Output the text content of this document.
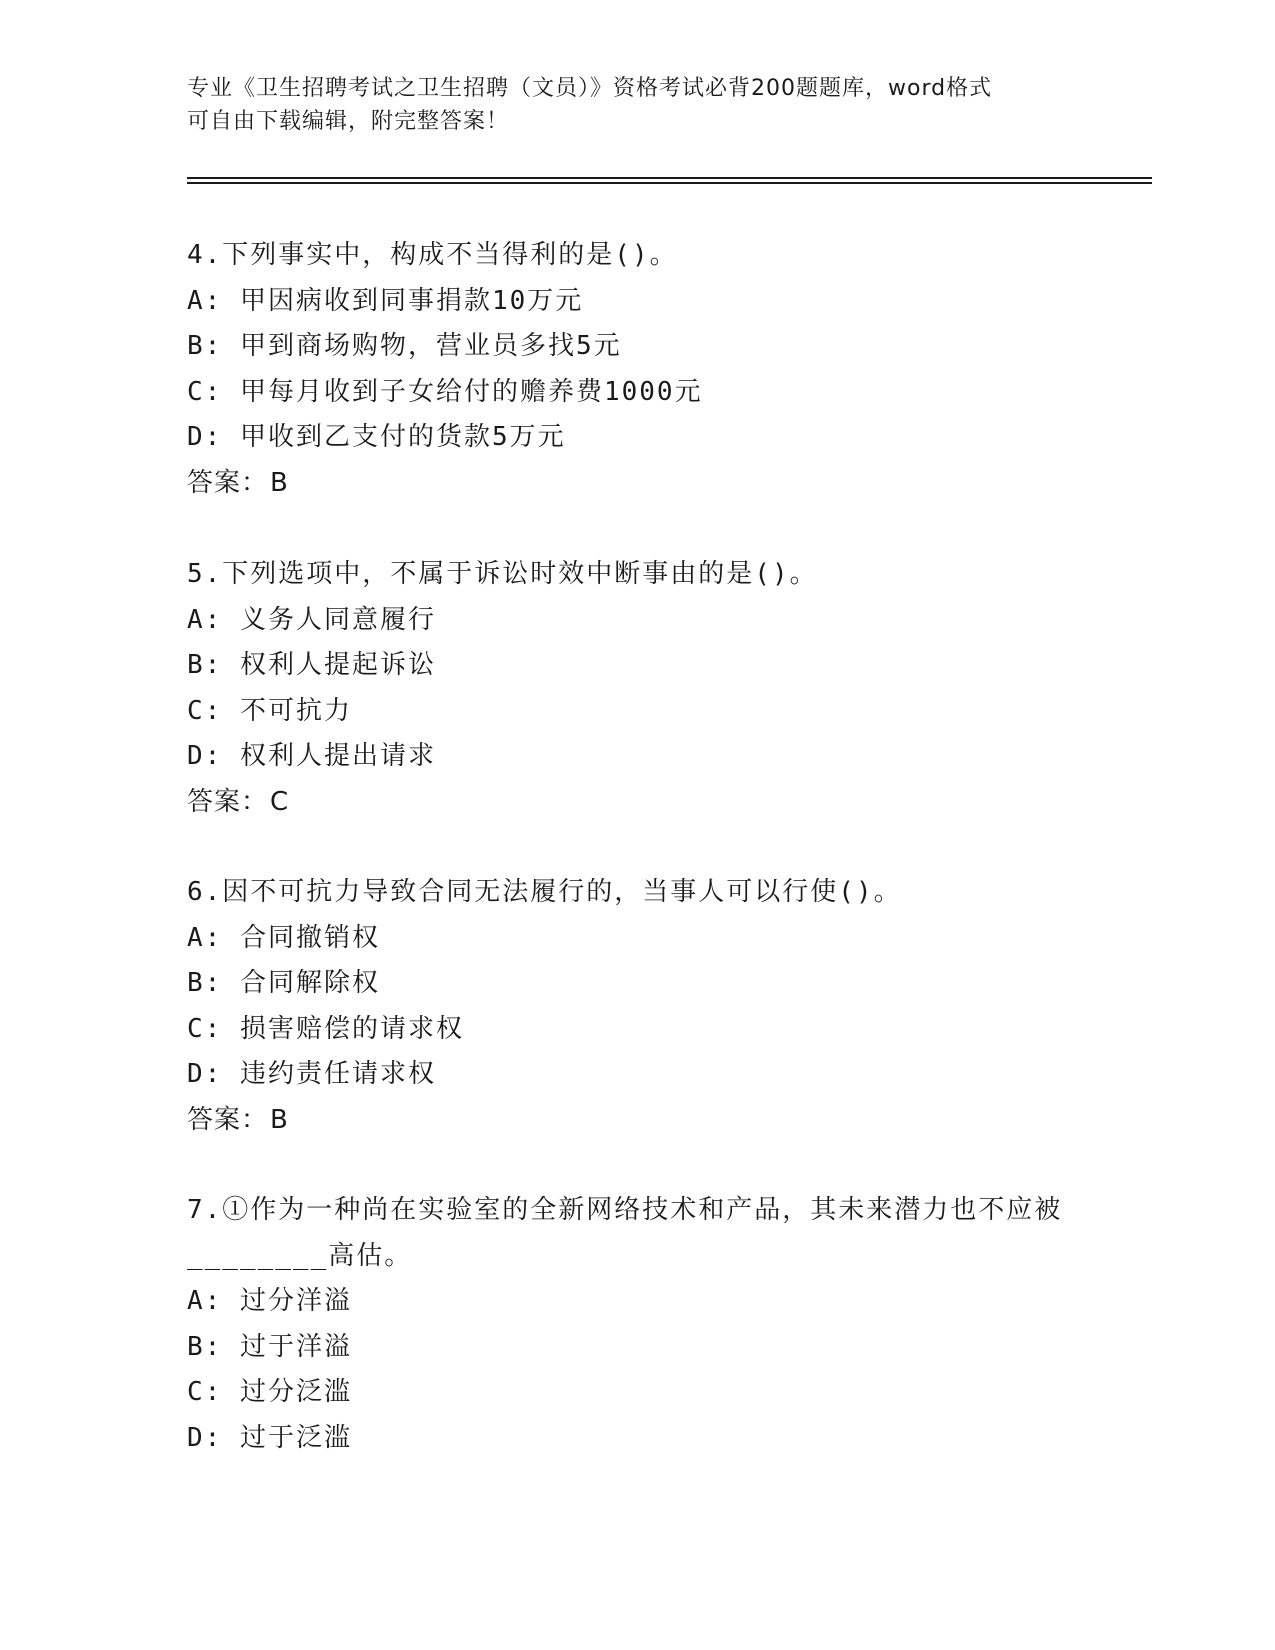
专业《卫生招聘考试之卫生招聘（文员）》资格考试必背200题题库，word格式

可自由下载编辑，附完整答案！

4.下列事实中，构成不当得利的是()。
A: 甲因病收到同事捐款10万元
B: 甲到商场购物，营业员多找5元
C: 甲每月收到子女给付的赡养费1000元
D: 甲收到乙支付的货款5万元
答案：B
5.下列选项中，不属于诉讼时效中断事由的是()。
A: 义务人同意履行
B: 权利人提起诉讼
C: 不可抗力
D: 权利人提出请求
答案：C
6.因不可抗力导致合同无法履行的，当事人可以行使()。
A: 合同撤销权
B: 合同解除权
C: 损害赔偿的请求权
D: 违约责任请求权
答案：B
7.①作为一种尚在实验室的全新网络技术和产品，其未来潜力也不应被________高估。
A: 过分洋溢
B: 过于洋溢
C: 过分泛滥
D: 过于泛滥
